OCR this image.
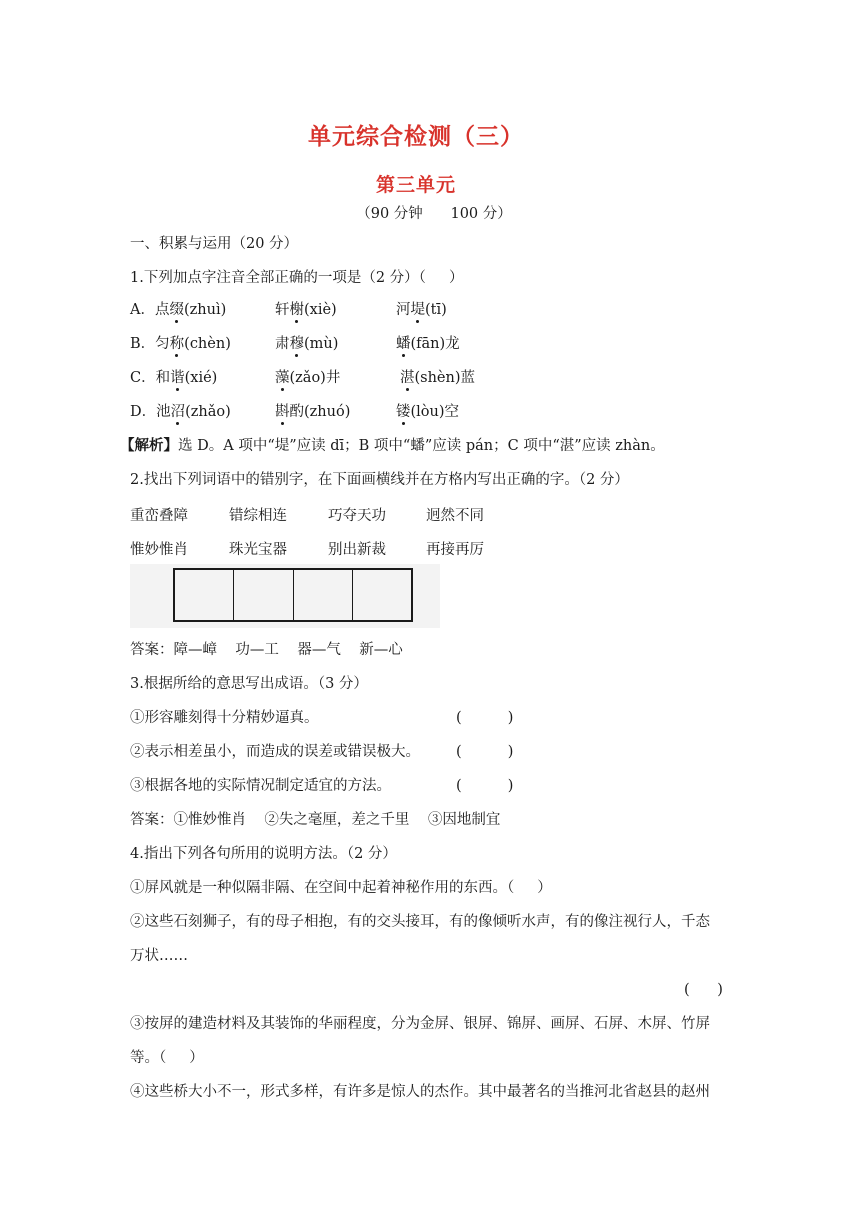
单元综合检测（三）
第三单元
（90 分钟      100 分）
一、积累与运用（20 分）
1.下列加点字注音全部正确的一项是（2 分）（     ）
A．点缀(zhuì)	轩榭(xiè)	河堤(tī)
B．匀称(chèn)	肃穆(mù)	蟠(fān)龙
C．和谐(xié)	藻(zǎo)井	湛(shèn)蓝
D．池沼(zhǎo)	斟酌(zhuó)	镂(lòu)空
【解析】选 D。A 项中“堤”应读 dī；B 项中“蟠”应读 pán；C 项中“湛”应读 zhàn。
2.找出下列词语中的错别字，在下面画横线并在方格内写出正确的字。（2 分）
重峦叠障	错综相连	巧夺天功	迥然不同
惟妙惟肖	珠光宝器	别出新裁	再接再厉
答案：障—嶂    功—工    器—气    新—心
3.根据所给的意思写出成语。（3 分）
①形容雕刻得十分精妙逼真。	(          )
②表示相差虽小，而造成的误差或错误极大。 (          )
③根据各地的实际情况制定适宜的方法。	(          )
答案：①惟妙惟肖    ②失之毫厘，差之千里    ③因地制宜
4.指出下列各句所用的说明方法。（2 分）
①屏风就是一种似隔非隔、在空间中起着神秘作用的东西。（     ）
②这些石刻狮子，有的母子相抱，有的交头接耳，有的像倾听水声，有的像注视行人，千态
万状……
(      )
③按屏的建造材料及其装饰的华丽程度，分为金屏、银屏、锦屏、画屏、石屏、木屏、竹屏
等。（     ）
④这些桥大小不一，形式多样，有许多是惊人的杰作。其中最著名的当推河北省赵县的赵州
